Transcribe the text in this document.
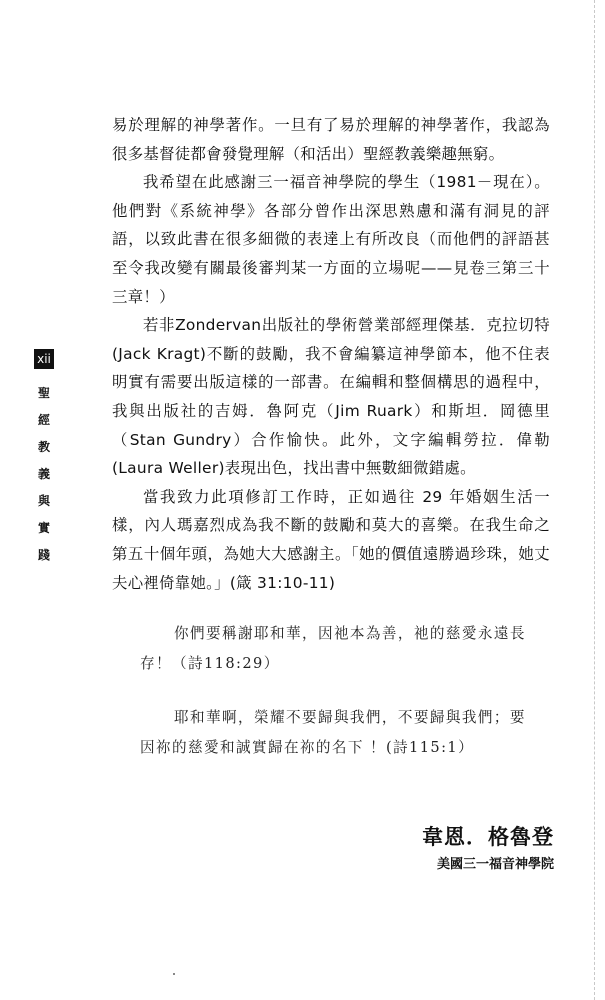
xii
聖
經
教
義
與
實
踐

易於理解的神學著作。一旦有了易於理解的神學著作，我認為很多基督徒都會發覺理解（和活出）聖經教義樂趣無窮。

我希望在此感謝三一福音神學院的學生（1981－現在）。他們對《系統神學》各部分曾作出深思熟慮和滿有洞見的評語，以致此書在很多細微的表達上有所改良（而他們的評語甚至令我改變有關最後審判某一方面的立場呢——見卷三第三十三章！）

若非Zondervan出版社的學術營業部經理傑基．克拉切特(Jack Kragt)不斷的鼓勵，我不會編纂這神學節本，他不住表明實有需要出版這樣的一部書。在編輯和整個構思的過程中，我與出版社的吉姆．魯阿克（Jim Ruark）和斯坦．岡德里（Stan Gundry）合作愉快。此外，文字編輯勞拉．偉勒(Laura Weller)表現出色，找出書中無數細微錯處。

當我致力此項修訂工作時，正如過往 29 年婚姻生活一樣，內人瑪嘉烈成為我不斷的鼓勵和莫大的喜樂。在我生命之第五十個年頭，為她大大感謝主。「她的價值遠勝過珍珠，她丈夫心裡倚靠她。」(箴 31:10-11)

你們要稱謝耶和華，因祂本為善，祂的慈愛永遠長存！（詩118:29）

耶和華啊，榮耀不要歸與我們，不要歸與我們；要因祢的慈愛和誠實歸在祢的名下 ！(詩115:1）

韋恩．格魯登
美國三一福音神學院
